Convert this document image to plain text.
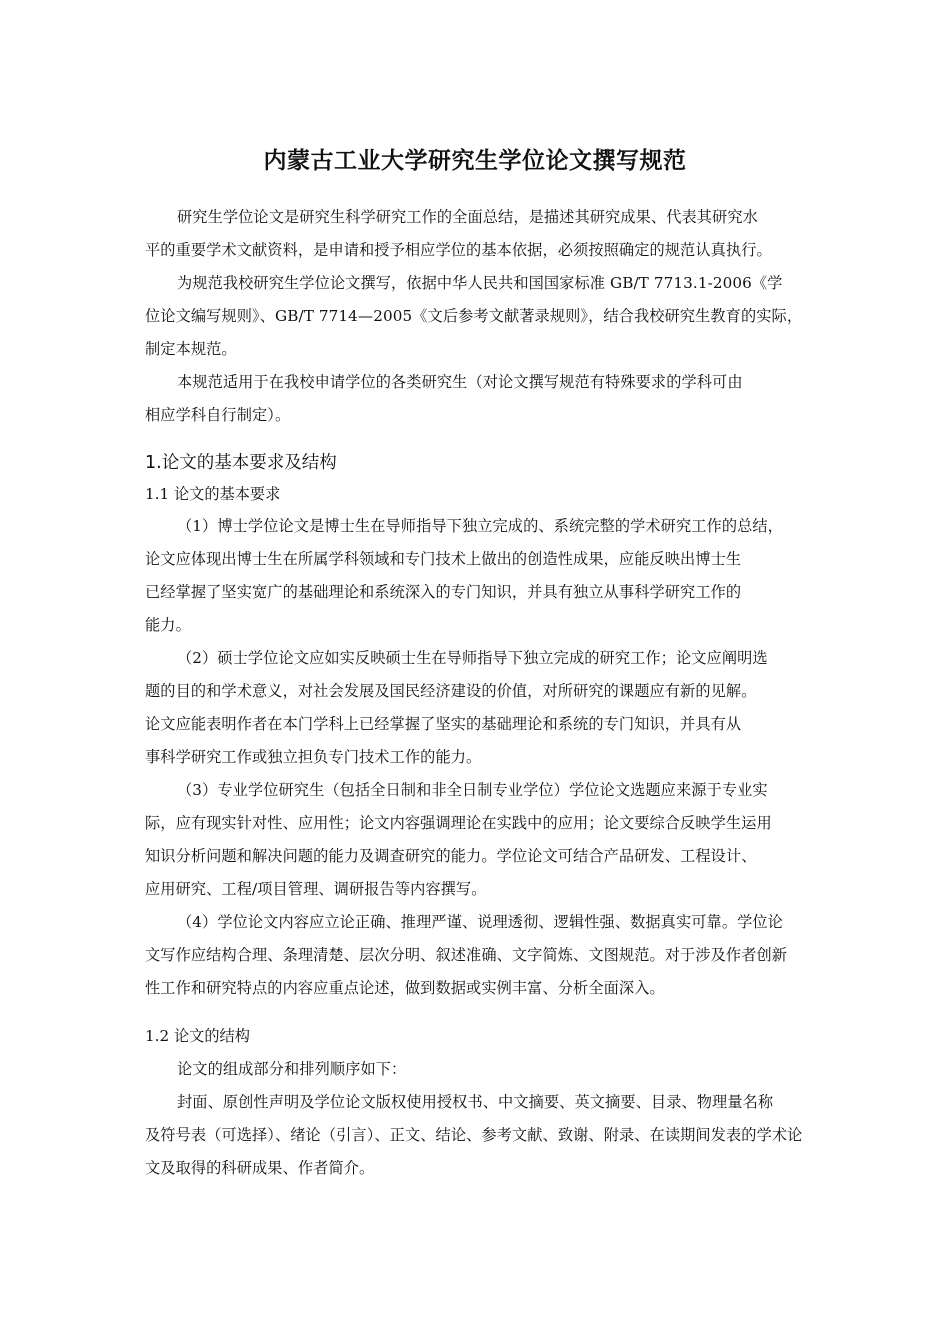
内蒙古工业大学研究生学位论文撰写规范
研究生学位论文是研究生科学研究工作的全面总结，是描述其研究成果、代表其研究水
平的重要学术文献资料，是申请和授予相应学位的基本依据，必须按照确定的规范认真执行。
为规范我校研究生学位论文撰写，依据中华人民共和国国家标准 GB/T 7713.1-2006《学
位论文编写规则》、GB/T 7714—2005《文后参考文献著录规则》，结合我校研究生教育的实际，
制定本规范。
本规范适用于在我校申请学位的各类研究生（对论文撰写规范有特殊要求的学科可由
相应学科自行制定）。
1.论文的基本要求及结构
1.1 论文的基本要求
（1）博士学位论文是博士生在导师指导下独立完成的、系统完整的学术研究工作的总结，
论文应体现出博士生在所属学科领域和专门技术上做出的创造性成果，应能反映出博士生
已经掌握了坚实宽广的基础理论和系统深入的专门知识，并具有独立从事科学研究工作的
能力。
（2）硕士学位论文应如实反映硕士生在导师指导下独立完成的研究工作；论文应阐明选
题的目的和学术意义，对社会发展及国民经济建设的价值，对所研究的课题应有新的见解。
论文应能表明作者在本门学科上已经掌握了坚实的基础理论和系统的专门知识，并具有从
事科学研究工作或独立担负专门技术工作的能力。
（3）专业学位研究生（包括全日制和非全日制专业学位）学位论文选题应来源于专业实
际，应有现实针对性、应用性；论文内容强调理论在实践中的应用；论文要综合反映学生运用
知识分析问题和解决问题的能力及调查研究的能力。学位论文可结合产品研发、工程设计、
应用研究、工程/项目管理、调研报告等内容撰写。
（4）学位论文内容应立论正确、推理严谨、说理透彻、逻辑性强、数据真实可靠。学位论
文写作应结构合理、条理清楚、层次分明、叙述准确、文字简炼、文图规范。对于涉及作者创新
性工作和研究特点的内容应重点论述，做到数据或实例丰富、分析全面深入。
1.2 论文的结构
论文的组成部分和排列顺序如下：
封面、原创性声明及学位论文版权使用授权书、中文摘要、英文摘要、目录、物理量名称
及符号表（可选择）、绪论（引言）、正文、结论、参考文献、致谢、附录、在读期间发表的学术论
文及取得的科研成果、作者简介。
